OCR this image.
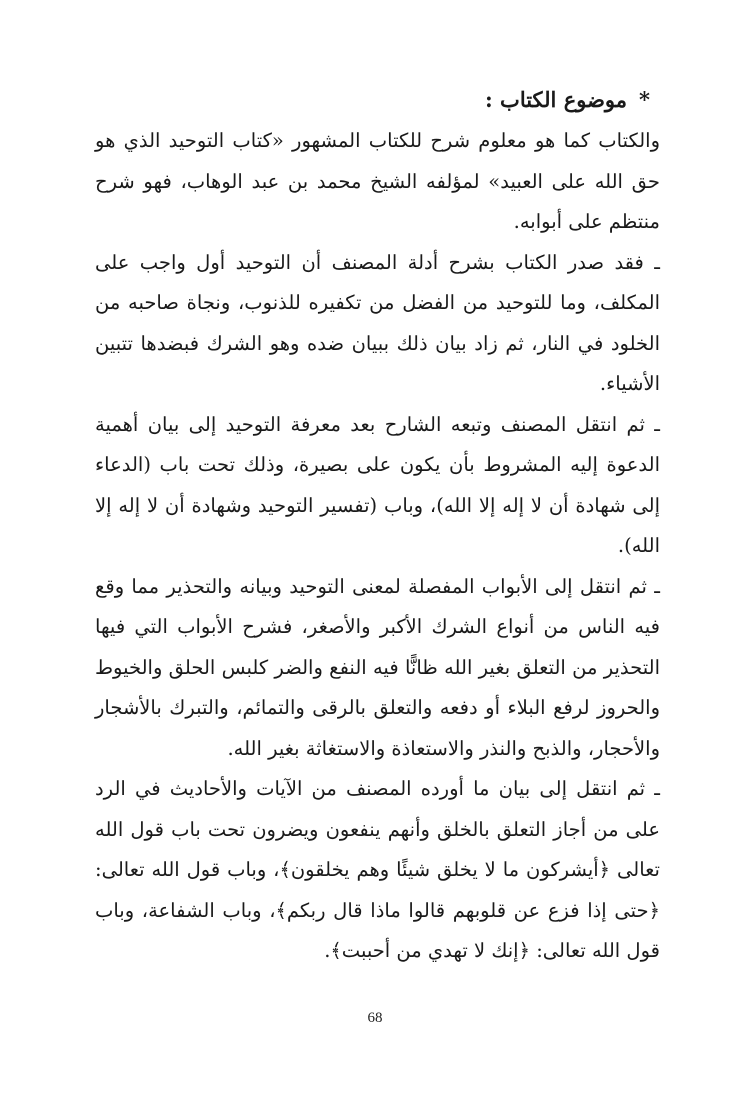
*موضوع الكتاب :

والكتاب كما هو معلوم شرح للكتاب المشهور «كتاب التوحيد الذي هو حق الله على العبيد» لمؤلفه الشيخ محمد بن عبد الوهاب، فهو شرح منتظم على أبوابه.

ـ فقد صدر الكتاب بشرح أدلة المصنف أن التوحيد أول واجب على المكلف، وما للتوحيد من الفضل من تكفيره للذنوب، ونجاة صاحبه من الخلود في النار، ثم زاد بيان ذلك ببيان ضده وهو الشرك فبضدها تتبين الأشياء.

ـ ثم انتقل المصنف وتبعه الشارح بعد معرفة التوحيد إلى بيان أهمية الدعوة إليه المشروط بأن يكون على بصيرة، وذلك تحت باب (الدعاء إلى شهادة أن لا إله إلا الله)، وباب (تفسير التوحيد وشهادة أن لا إله إلا الله).

ـ ثم انتقل إلى الأبواب المفصلة لمعنى التوحيد وبيانه والتحذير مما وقع فيه الناس من أنواع الشرك الأكبر والأصغر، فشرح الأبواب التي فيها التحذير من التعلق بغير الله ظانًّا فيه النفع والضر كلبس الحلق والخيوط والحروز لرفع البلاء أو دفعه والتعلق بالرقى والتمائم، والتبرك بالأشجار والأحجار، والذبح والنذر والاستعاذة والاستغاثة بغير الله.

ـ ثم انتقل إلى بيان ما أورده المصنف من الآيات والأحاديث في الرد على من أجاز التعلق بالخلق وأنهم ينفعون ويضرون تحت باب قول الله تعالى ﴿أيشركون ما لا يخلق شيئًا وهم يخلقون﴾، وباب قول الله تعالى: ﴿حتى إذا فزع عن قلوبهم قالوا ماذا قال ربكم﴾، وباب الشفاعة، وباب قول الله تعالى: ﴿إنك لا تهدي من أحببت﴾.

68
